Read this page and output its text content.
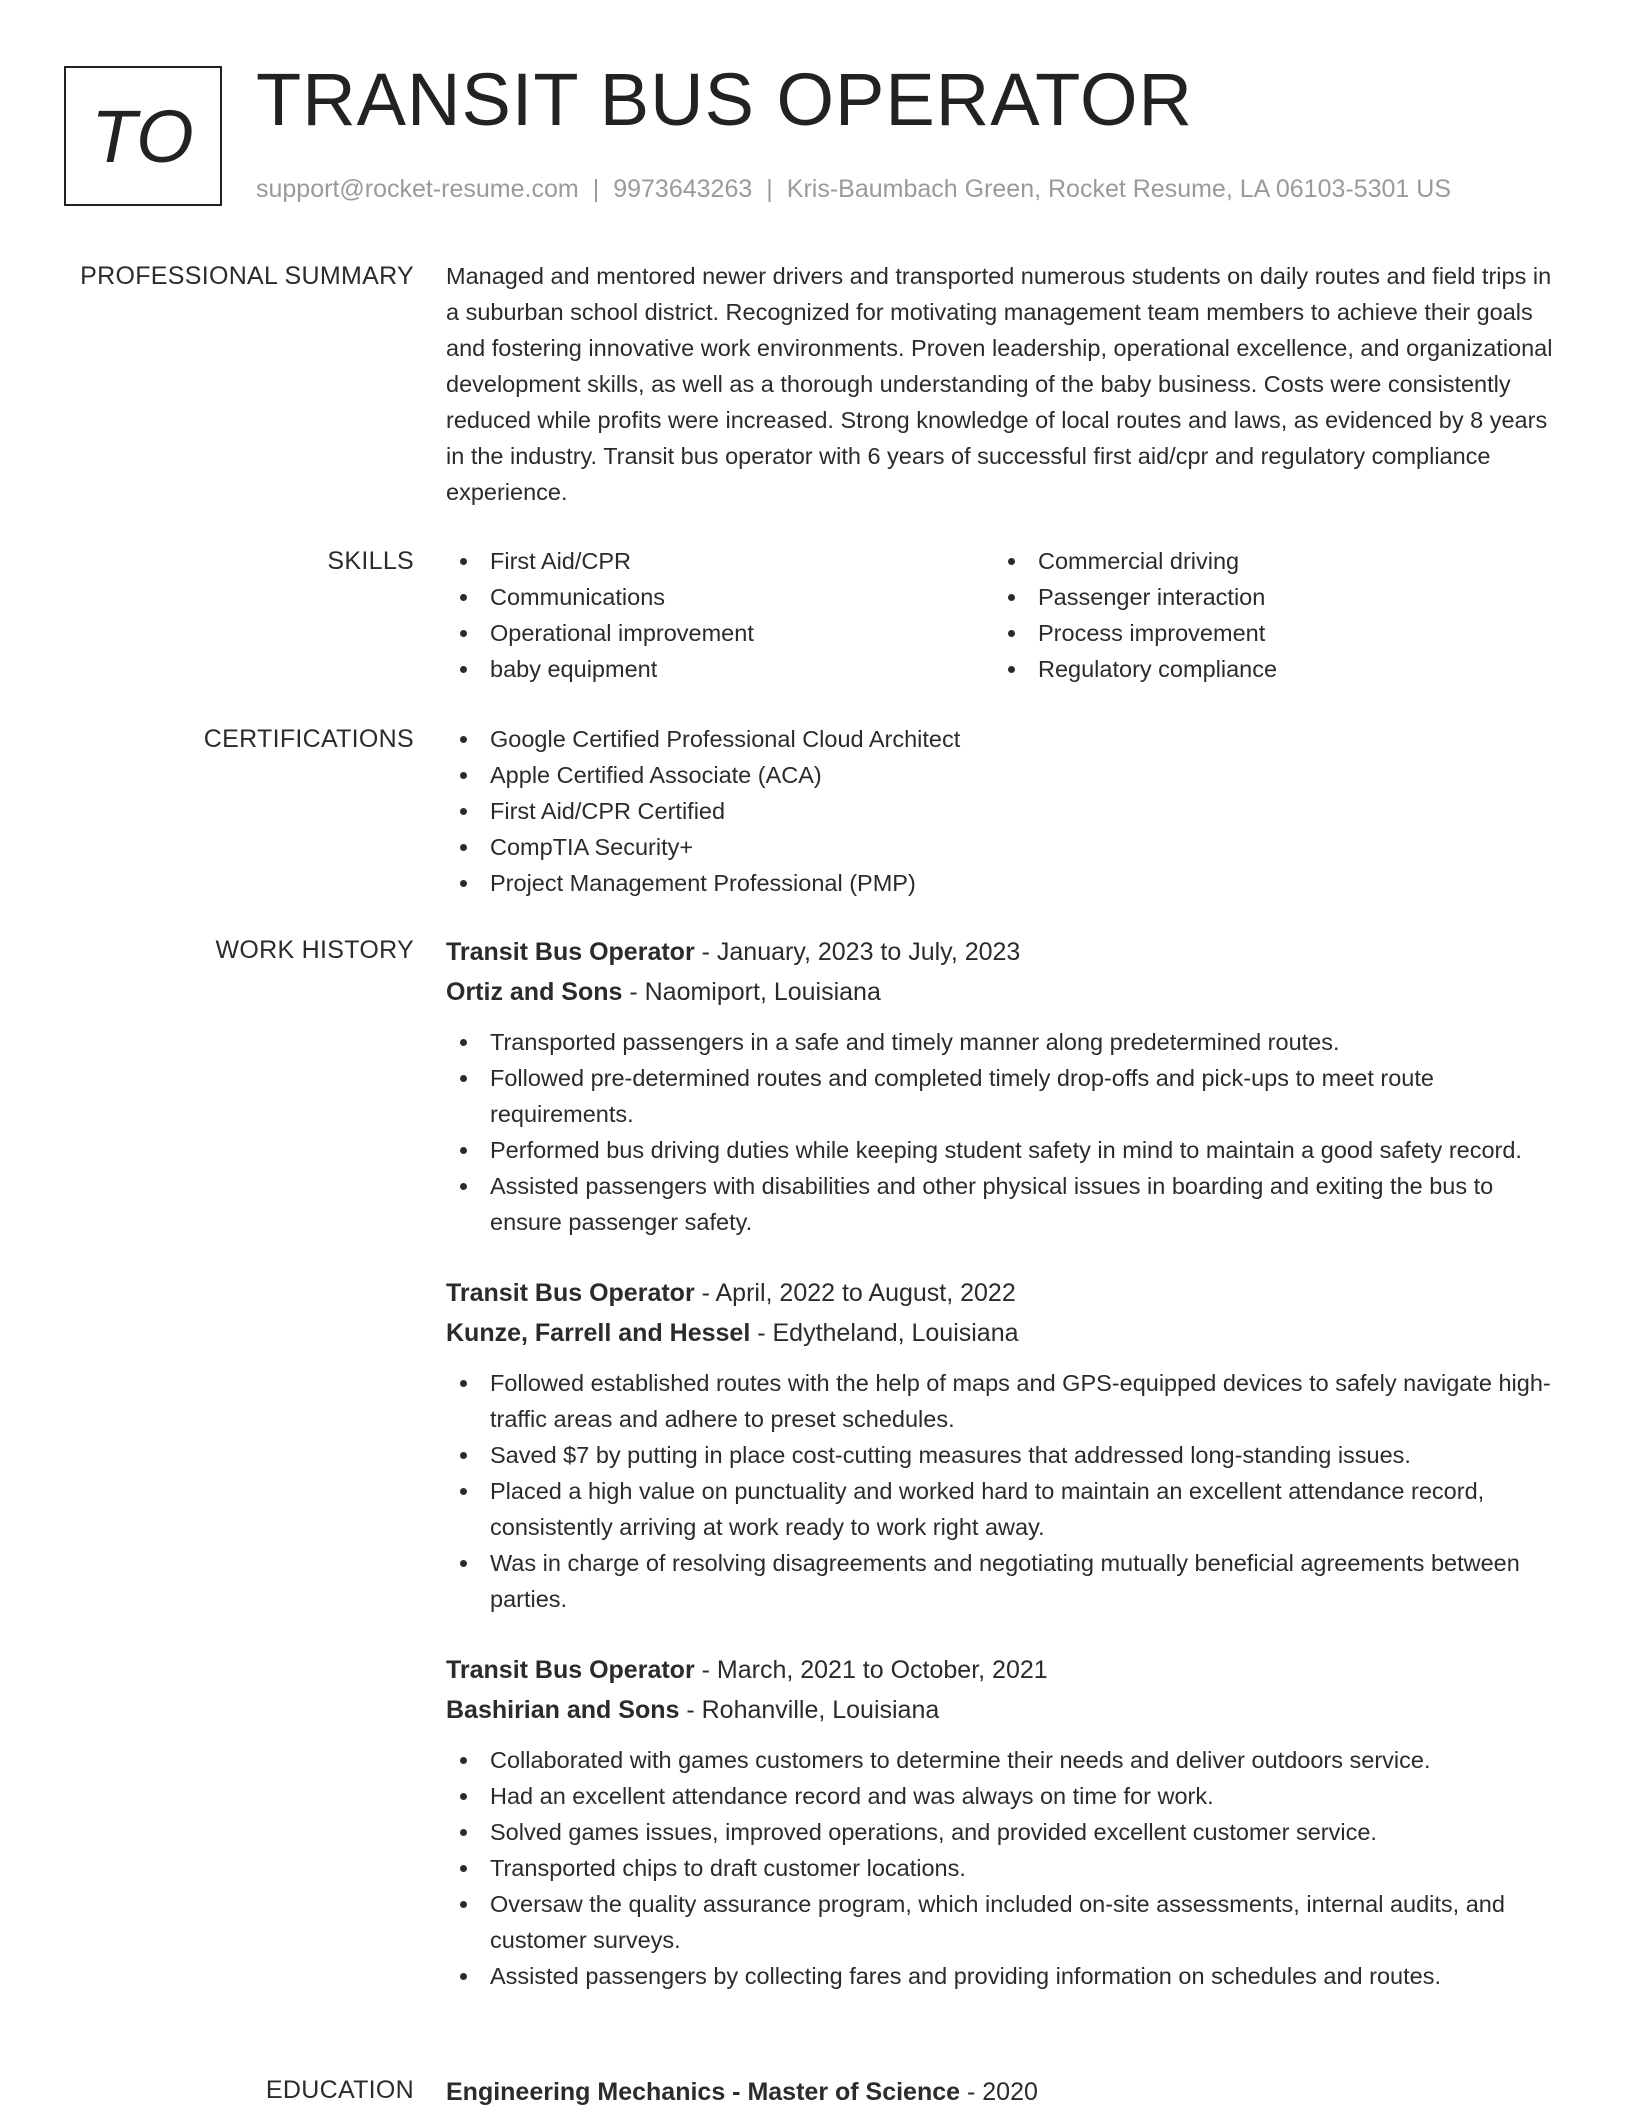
TO TRANSIT BUS OPERATOR
support@rocket-resume.com | 9973643263 | Kris-Baumbach Green, Rocket Resume, LA 06103-5301 US
PROFESSIONAL SUMMARY Managed and mentored newer drivers and transported numerous students on daily routes and field trips in a suburban school district. Recognized for motivating management team members to achieve their goals and fostering innovative work environments. Proven leadership, operational excellence, and organizational development skills, as well as a thorough understanding of the baby business. Costs were consistently reduced while profits were increased. Strong knowledge of local routes and laws, as evidenced by 8 years in the industry. Transit bus operator with 6 years of successful first aid/cpr and regulatory compliance experience.

SKILLS	First Aid/CPR
Communications
Operational improvement
baby equipment
Commercial driving
Passenger interaction
Process improvement
Regulatory compliance
CERTIFICATIONS	Google Certified Professional Cloud Architect
Apple Certified Associate (ACA)
First Aid/CPR Certified
CompTIA Security+
Project Management Professional (PMP)
WORK HISTORY Transit Bus Operator - January, 2023 to July, 2023
Ortiz and Sons - Naomiport, Louisiana
Transported passengers in a safe and timely manner along predetermined routes.
Followed pre-determined routes and completed timely drop-offs and pick-ups to meet route requirements.
Performed bus driving duties while keeping student safety in mind to maintain a good safety record.
Assisted passengers with disabilities and other physical issues in boarding and exiting the bus to ensure passenger safety.
Transit Bus Operator - April, 2022 to August, 2022
Kunze, Farrell and Hessel - Edytheland, Louisiana
Followed established routes with the help of maps and GPS-equipped devices to safely navigate high-traffic areas and adhere to preset schedules.
Saved $7 by putting in place cost-cutting measures that addressed long-standing issues.
Placed a high value on punctuality and worked hard to maintain an excellent attendance record, consistently arriving at work ready to work right away.
Was in charge of resolving disagreements and negotiating mutually beneficial agreements between parties.
Transit Bus Operator - March, 2021 to October, 2021
Bashirian and Sons - Rohanville, Louisiana
Collaborated with games customers to determine their needs and deliver outdoors service.
Had an excellent attendance record and was always on time for work.
Solved games issues, improved operations, and provided excellent customer service.
Transported chips to draft customer locations.
Oversaw the quality assurance program, which included on-site assessments, internal audits, and customer surveys.
Assisted passengers by collecting fares and providing information on schedules and routes.
EDUCATION Engineering Mechanics - Master of Science - 2020
